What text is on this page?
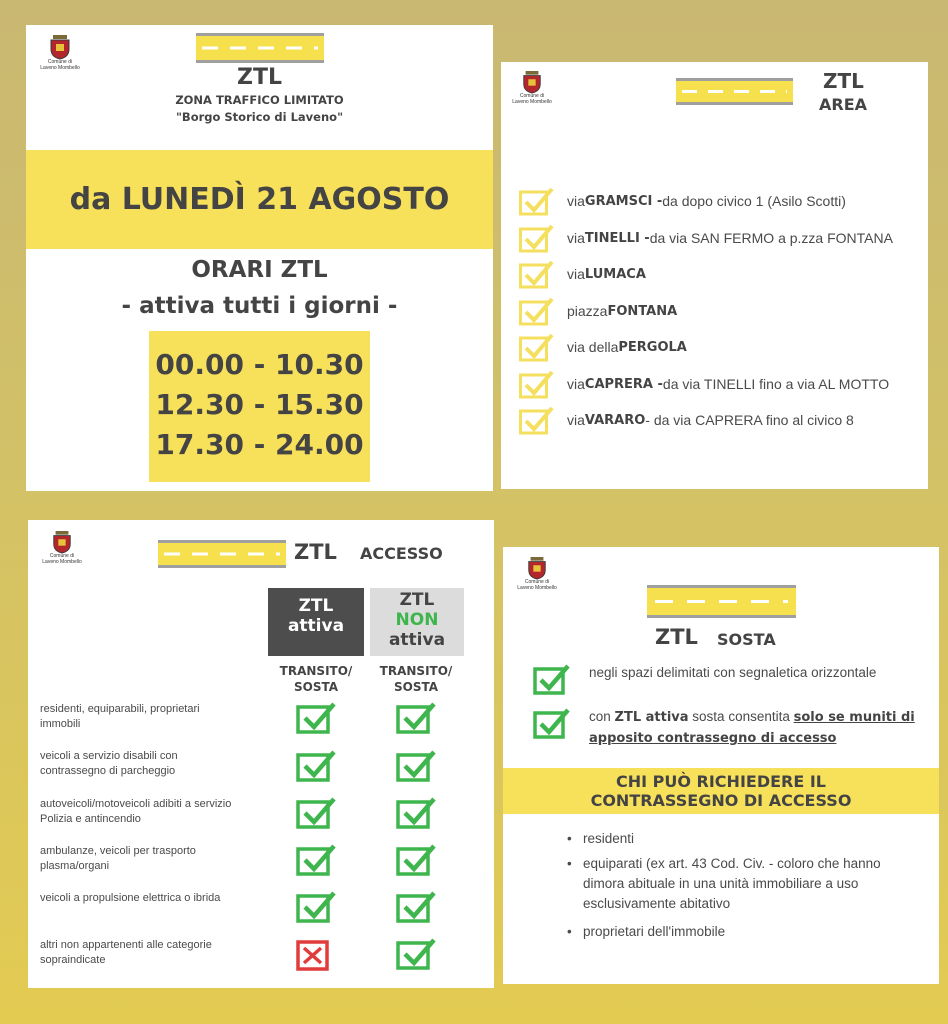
Comune di
Laveno Mombello	ZTL
ZONA TRAFFICO LIMITATO
"Borgo Storico di Laveno"
da LUNEDÌ 21 AGOSTO
ORARI ZTL
- attiva tutti i giorni -
00.00 - 10.30
12.30 - 15.30
17.30 - 24.00
Comune di
Laveno Mombello
ZTL
AREA
via GRAMSCI - da dopo civico 1 (Asilo Scotti)
via TINELLI - da via SAN FERMO a p.zza FONTANA
via LUMACA
piazza FONTANA
via della PERGOLA
via CAPRERA - da via TINELLI fino a via AL MOTTO
via VARARO - da via CAPRERA fino al civico 8
Comune di
Laveno Mombello	ZTL ACCESSO
ZTL
attiva
ZTL
NON
attiva
TRANSITO/
SOSTA
TRANSITO/
SOSTA
residenti, equiparabili, proprietari
immobili
veicoli a servizio disabili con
contrassegno di parcheggio
autoveicoli/motoveicoli adibiti a servizio
Polizia e antincendio
ambulanze, veicoli per trasporto
plasma/organi
veicoli a propulsione elettrica o ibrida
altri non appartenenti alle categorie
sopraindicate
Comune di
Laveno Mombello
ZTL SOSTA
negli spazi delimitati con segnaletica orizzontale
con ZTL attiva sosta consentita solo se muniti di apposito contrassegno di accesso
CHI PUÒ RICHIEDERE IL
CONTRASSEGNO DI ACCESSO
• residenti
• equiparati (ex art. 43 Cod. Civ. - coloro che hanno dimora abituale in una unità immobiliare a uso esclusivamente abitativo
• proprietari dell'immobile
